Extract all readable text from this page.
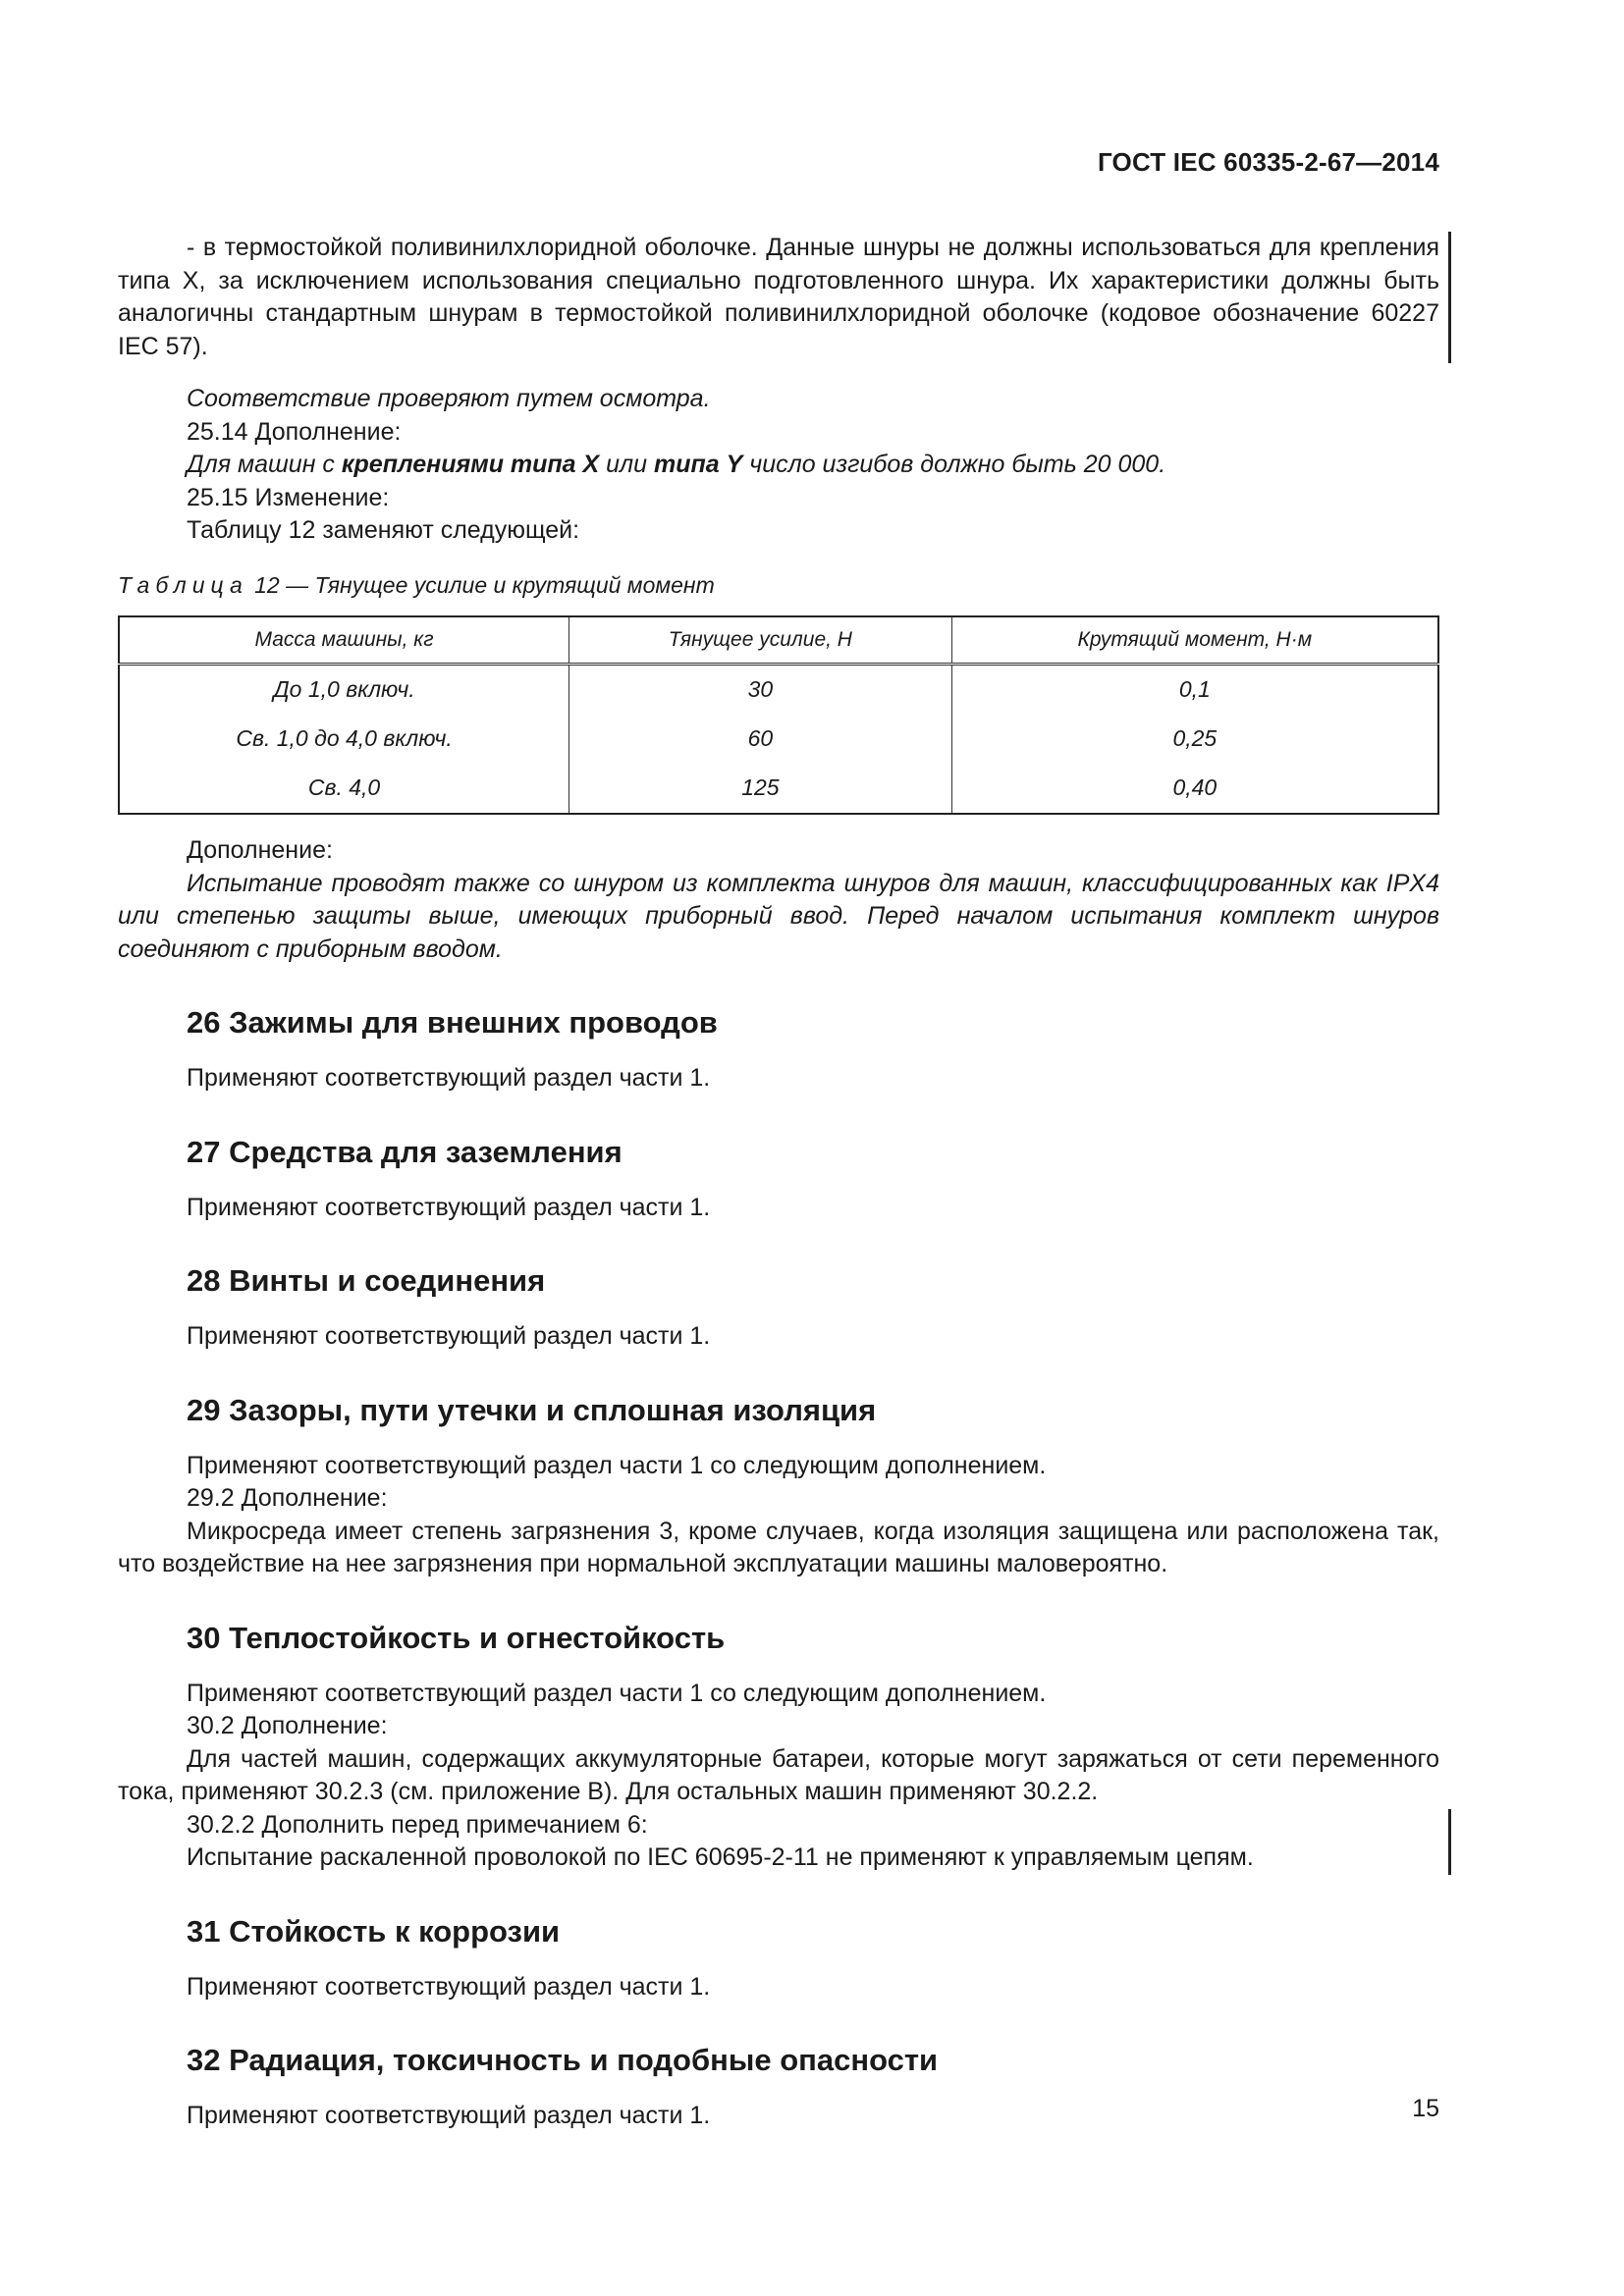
ГОСТ IEC 60335-2-67—2014

- в термостойкой поливинилхлоридной оболочке. Данные шнуры не должны использоваться для крепления типа X, за исключением использования специально подготовленного шнура. Их характеристики должны быть аналогичны стандартным шнурам в термостойкой поливинилхлоридной оболочке (кодовое обозначение 60227 IEC 57).

Соответствие проверяют путем осмотра.

25.14 Дополнение:

Для машин с креплениями типа X или типа Y число изгибов должно быть 20 000.

25.15 Изменение:

Таблицу 12 заменяют следующей:

Таблица 12 — Тянущее усилие и крутящий момент
Масса машины, кг	Тянущее усилие, Н	Крутящий момент, Н·м
До 1,0 включ.	30	0,1
Св. 1,0 до 4,0 включ.	60	0,25
Св. 4,0	125	0,40

Дополнение:

Испытание проводят также со шнуром из комплекта шнуров для машин, классифицированных как IPX4 или степенью защиты выше, имеющих приборный ввод. Перед началом испытания комплект шнуров соединяют с приборным вводом.

26 Зажимы для внешних проводов

Применяют соответствующий раздел части 1.

27 Средства для заземления

Применяют соответствующий раздел части 1.

28 Винты и соединения

Применяют соответствующий раздел части 1.

29 Зазоры, пути утечки и сплошная изоляция

Применяют соответствующий раздел части 1 со следующим дополнением.

29.2 Дополнение:

Микросреда имеет степень загрязнения 3, кроме случаев, когда изоляция защищена или расположена так, что воздействие на нее загрязнения при нормальной эксплуатации машины маловероятно.

30 Теплостойкость и огнестойкость

Применяют соответствующий раздел части 1 со следующим дополнением.

30.2 Дополнение:

Для частей машин, содержащих аккумуляторные батареи, которые могут заряжаться от сети переменного тока, применяют 30.2.3 (см. приложение B). Для остальных машин применяют 30.2.2.

30.2.2 Дополнить перед примечанием 6:

Испытание раскаленной проволокой по IEC 60695-2-11 не применяют к управляемым цепям.

31 Стойкость к коррозии

Применяют соответствующий раздел части 1.

32 Радиация, токсичность и подобные опасности

Применяют соответствующий раздел части 1.	15
